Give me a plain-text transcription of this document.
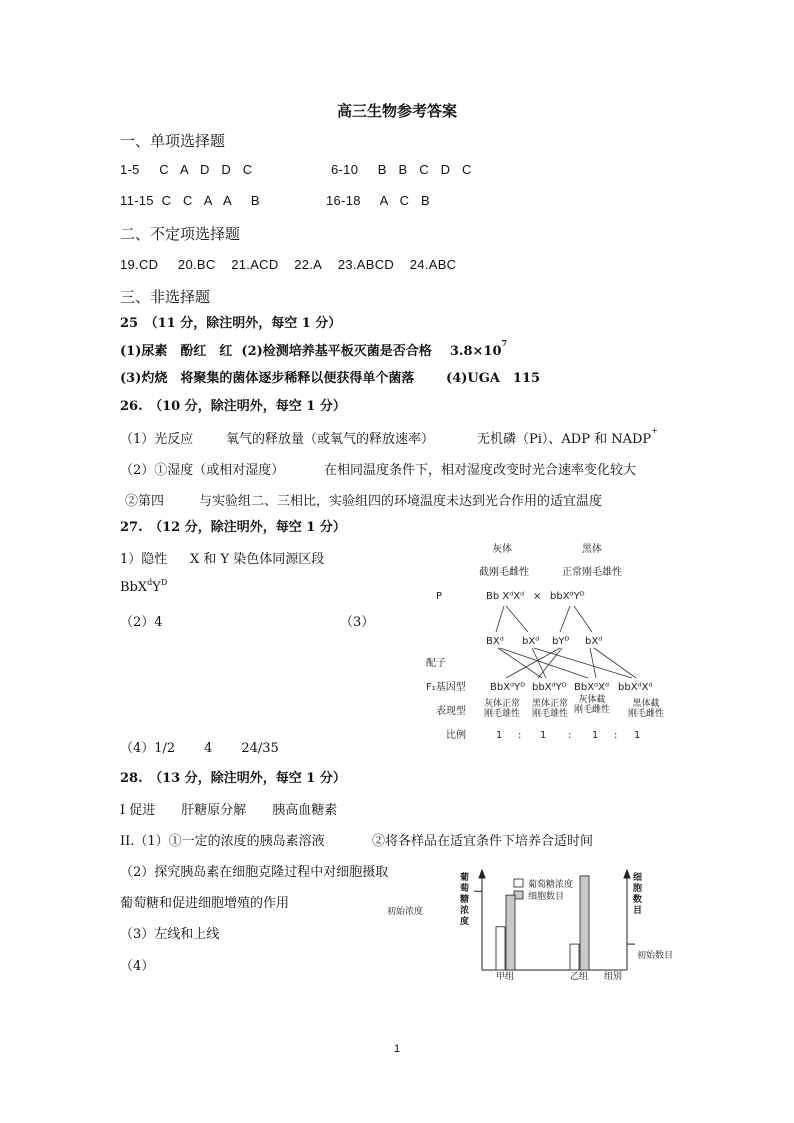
高三生物参考答案
一、单项选择题
1-5 C   A   D   D   C	6-10 B   B   C   D   C
11-15 C   C   A   A     B	16-18 A   C   B
二、不定项选择题
19.CD 20.BC 21.ACD 22.A 23.ABCD 24.ABC
三、非选择题
25　（11 分，除注明外，每空 1 分）
(1)尿素　酚红　红 (2)检测培养基平板灭菌是否合格 $3.8\times 10^7$
(3)灼烧　将聚集的菌体逐步稀释以便获得单个菌落 (4)UGA　115
26.　（10 分，除注明外，每空 1 分）
（1）光反应	氧气的释放量（或氧气的释放速率）	无机磷（Pi）、ADP 和 NADP+
（2）①湿度（或相对湿度）	在相同温度条件下，相对湿度改变时光合速率变化较大
②第四	与实验组二、三相比，实验组四的环境温度未达到光合作用的适宜温度
27.　（12 分，除注明外，每空 1 分）
1）隐性 X 和 Y 染色体同源区段
$BbX^dY^D$
（2）4	（3）
（4）1/2 4 24/35
灰体	黑体
截刚毛雌性	正常刚毛雄性
P	Bb XᵈXᵈ × bbXᵈYᴰ
BXᵈ bXᵈ bYᴰ bXᵈ
配子
F₁基因型 BbXᵈYᴰ bbXᵈYᴰ BbXᵈXᵈ bbXᵈXᵈ
表现型
灰体正常
刚毛雄性
黑体正常
刚毛雄性
灰体截
刚毛雌性
黑体截
刚毛雌性
比例	1 : 1 : 1 : 1
28.　（13 分，除注明外，每空 1 分）
I 促进　　肝糖原分解　　胰高血糖素
II.（1）①一定的浓度的胰岛素溶液	②将各样品在适宜条件下培养合适时间
（2）探究胰岛素在细胞克隆过程中对细胞摄取
葡萄糖和促进细胞增殖的作用
（3）左线和上线
（4）
初始浓度
初始数目
组别
甲组	乙组
葡萄糖浓度
细胞数目
葡萄糖浓度
细胞数目
1
